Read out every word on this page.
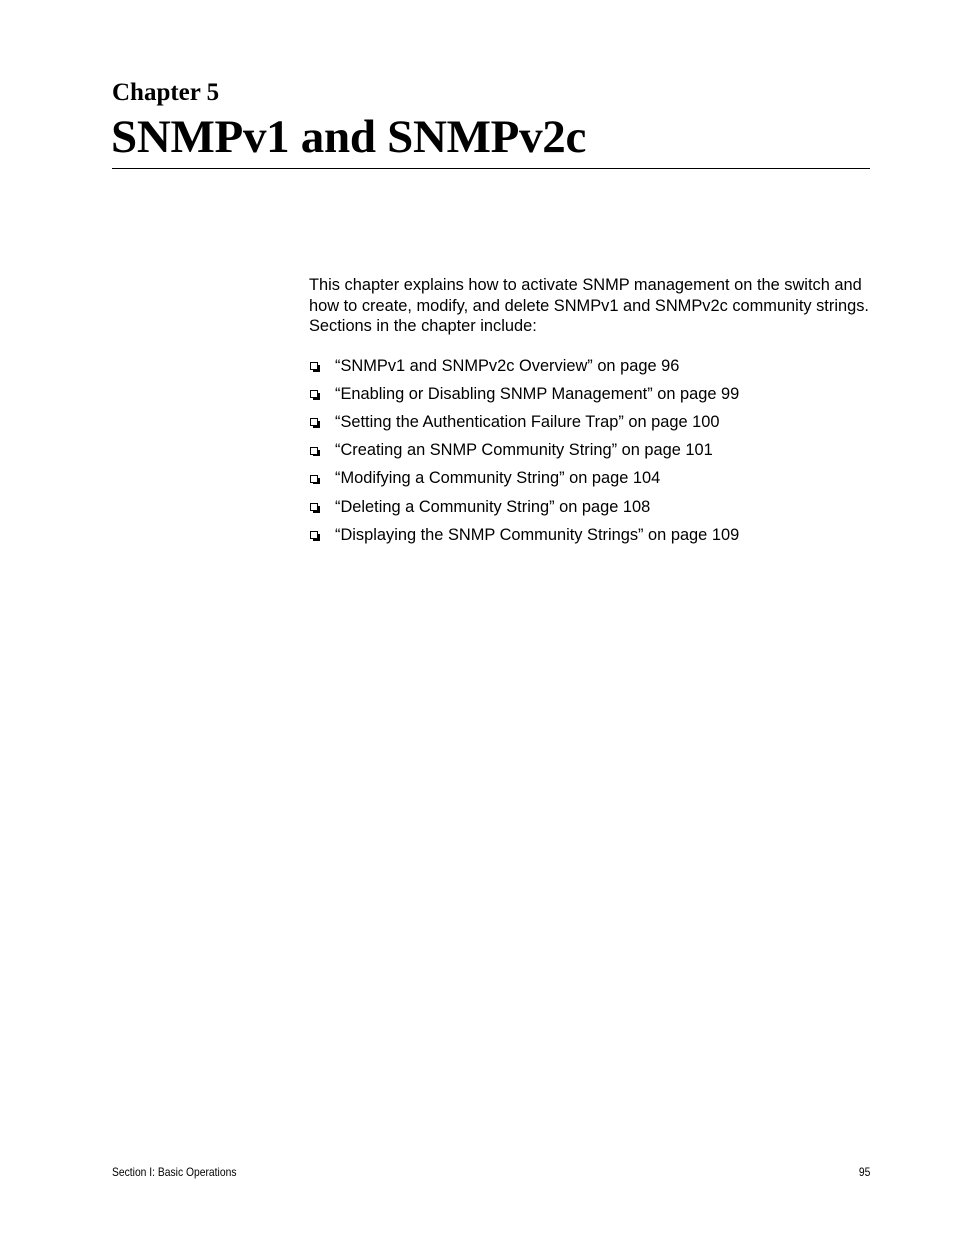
Chapter 5
SNMPv1 and SNMPv2c

This chapter explains how to activate SNMP management on the switch and how to create, modify, and delete SNMPv1 and SNMPv2c community strings. Sections in the chapter include:

“SNMPv1 and SNMPv2c Overview” on page 96
“Enabling or Disabling SNMP Management” on page 99
“Setting the Authentication Failure Trap” on page 100
“Creating an SNMP Community String” on page 101
“Modifying a Community String” on page 104
“Deleting a Community String” on page 108
“Displaying the SNMP Community Strings” on page 109
Section I: Basic Operations	95
